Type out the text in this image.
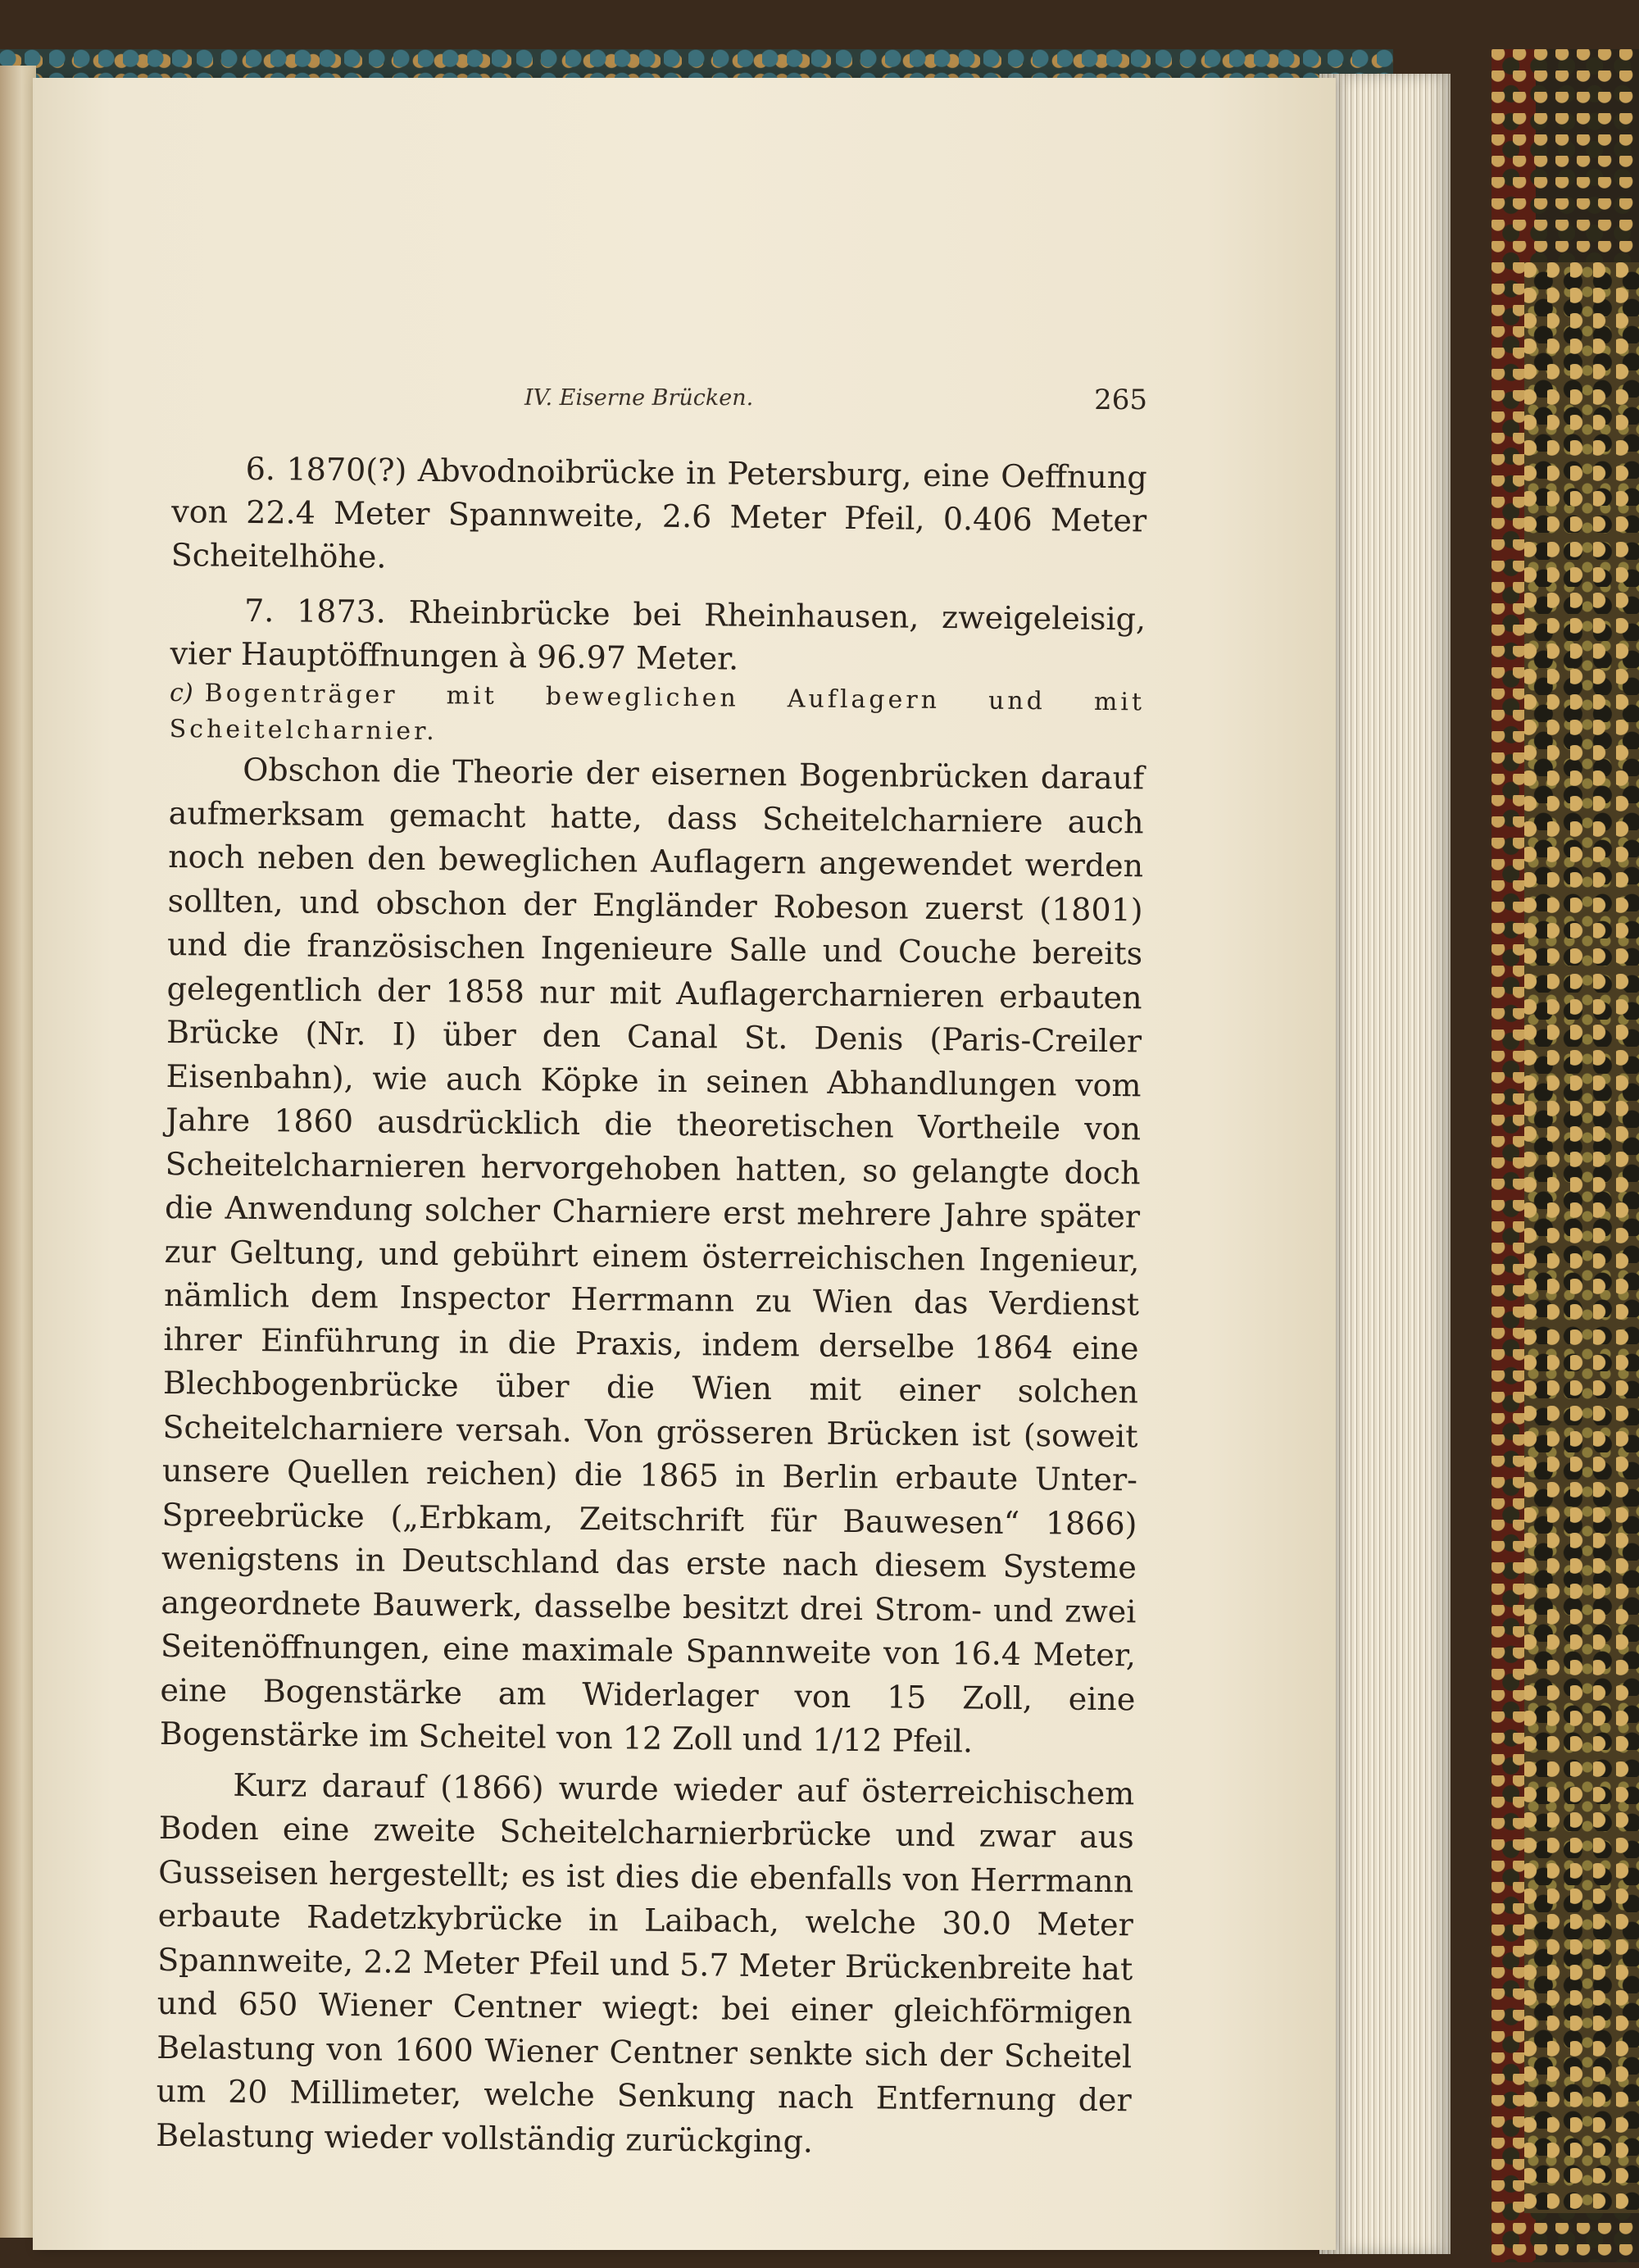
IV. Eiserne Brücken.	265

6. 1870(?) Abvodnoibrücke in Petersburg, eine Oeffnung von 22.4 Meter Spannweite, 2.6 Meter Pfeil, 0.406 Meter Scheitelhöhe.

7. 1873. Rheinbrücke bei Rheinhausen, zweigeleisig, vier Hauptöffnungen à 96.97 Meter.

c) Bogenträger mit beweglichen Auflagern und mit Scheitelcharnier.

Obschon die Theorie der eisernen Bogenbrücken darauf aufmerksam gemacht hatte, dass Scheitelcharniere auch noch neben den beweglichen Auflagern angewendet werden sollten, und obschon der Engländer Robeson zuerst (1801) und die französischen Ingenieure Salle und Couche bereits gelegentlich der 1858 nur mit Auflagercharnieren erbauten Brücke (Nr. I) über den Canal St. Denis (Paris-Creiler Eisenbahn), wie auch Köpke in seinen Abhandlungen vom Jahre 1860 ausdrücklich die theoretischen Vortheile von Scheitelcharnieren hervorgehoben hatten, so gelangte doch die Anwendung solcher Charniere erst mehrere Jahre später zur Geltung, und gebührt einem österreichischen Ingenieur, nämlich dem Inspector Herrmann zu Wien das Verdienst ihrer Einführung in die Praxis, indem derselbe 1864 eine Blechbogenbrücke über die Wien mit einer solchen Scheitelcharniere versah. Von grösseren Brücken ist (soweit unsere Quellen reichen) die 1865 in Berlin erbaute Unter-Spreebrücke („Erbkam, Zeitschrift für Bauwesen“ 1866) wenigstens in Deutschland das erste nach diesem Systeme angeordnete Bauwerk, dasselbe besitzt drei Strom- und zwei Seitenöffnungen, eine maximale Spannweite von 16.4 Meter, eine Bogenstärke am Widerlager von 15 Zoll, eine Bogenstärke im Scheitel von 12 Zoll und 1/12 Pfeil.

Kurz darauf (1866) wurde wieder auf österreichischem Boden eine zweite Scheitelcharnierbrücke und zwar aus Gusseisen hergestellt; es ist dies die ebenfalls von Herrmann erbaute Radetzkybrücke in Laibach, welche 30.0 Meter Spannweite, 2.2 Meter Pfeil und 5.7 Meter Brückenbreite hat und 650 Wiener Centner wiegt: bei einer gleichförmigen Belastung von 1600 Wiener Centner senkte sich der Scheitel um 20 Millimeter, welche Senkung nach Entfernung der Belastung wieder vollständig zurückging.
